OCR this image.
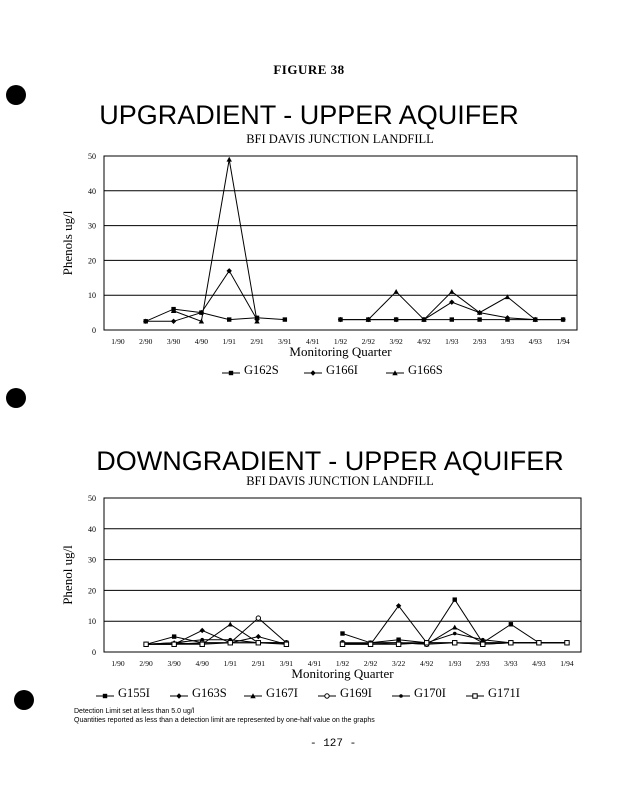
FIGURE 38
UPGRADIENT - UPPER AQUIFER
BFI DAVIS JUNCTION LANDFILL
0
10
20
30
40
50
1/90 2/90 3/90 4/90 1/91 2/91 3/91 4/91 1/92 2/92 3/92 4/92 1/93 2/93 3/93 4/93 1/94
Monitoring Quarter
Phenols ug/l
G162S	G166I	G166S
DOWNGRADIENT - UPPER AQUIFER
BFI DAVIS JUNCTION LANDFILL
0
10
20
30
40
50
1/90 2/90 3/90 4/90 1/91 2/91 3/91 4/91 1/92 2/92 3/22 4/92 1/93 2/93 3/93 4/93 1/94
Monitoring Quarter
Phenol ug/l
G155I	G163S	G167I	G169I	G170I	G171I
Detection Limit set at less than 5.0 ug/l
Quantities reported as less than a detection limit are represented by one-half value on the graphs
- 127 -
